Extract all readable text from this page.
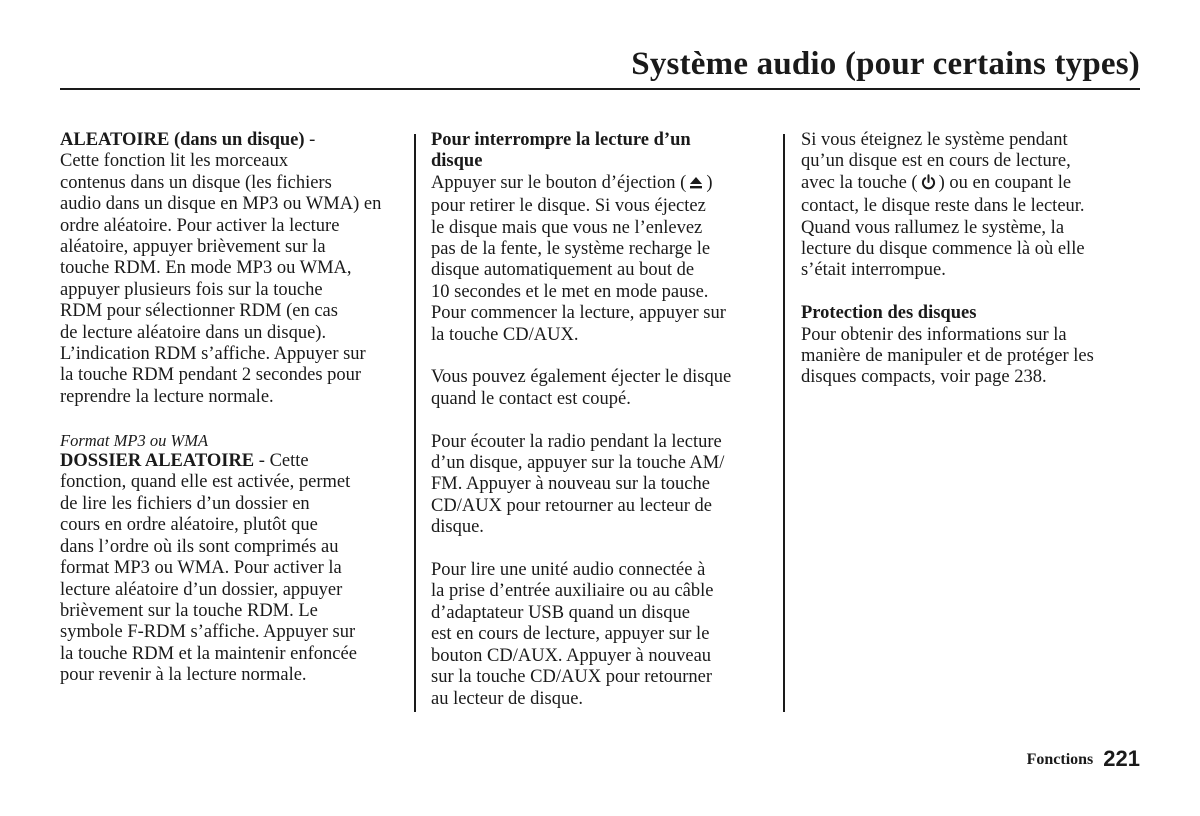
Système audio (pour certains types)
ALEATOIRE (dans un disque) -
Cette fonction lit les morceaux
contenus dans un disque (les fichiers
audio dans un disque en MP3 ou WMA) en
ordre aléatoire. Pour activer la lecture
aléatoire, appuyer brièvement sur la
touche RDM. En mode MP3 ou WMA,
appuyer plusieurs fois sur la touche
RDM pour sélectionner RDM (en cas
de lecture aléatoire dans un disque).
L’indication RDM s’affiche. Appuyer sur
la touche RDM pendant 2 secondes pour
reprendre la lecture normale.
Format MP3 ou WMA
DOSSIER ALEATOIRE - Cette
fonction, quand elle est activée, permet
de lire les fichiers d’un dossier en
cours en ordre aléatoire, plutôt que
dans l’ordre où ils sont comprimés au
format MP3 ou WMA. Pour activer la
lecture aléatoire d’un dossier, appuyer
brièvement sur la touche RDM. Le
symbole F-RDM s’affiche. Appuyer sur
la touche RDM et la maintenir enfoncée
pour revenir à la lecture normale.
Pour interrompre la lecture d’un
disque
Appuyer sur le bouton d’éjection ( )
pour retirer le disque. Si vous éjectez
le disque mais que vous ne l’enlevez
pas de la fente, le système recharge le
disque automatiquement au bout de
10 secondes et le met en mode pause.
Pour commencer la lecture, appuyer sur
la touche CD/AUX.
Vous pouvez également éjecter le disque
quand le contact est coupé.
Pour écouter la radio pendant la lecture
d’un disque, appuyer sur la touche AM/
FM. Appuyer à nouveau sur la touche
CD/AUX pour retourner au lecteur de
disque.
Pour lire une unité audio connectée à
la prise d’entrée auxiliaire ou au câble
d’adaptateur USB quand un disque
est en cours de lecture, appuyer sur le
bouton CD/AUX. Appuyer à nouveau
sur la touche CD/AUX pour retourner
au lecteur de disque.
Si vous éteignez le système pendant
qu’un disque est en cours de lecture,
avec la touche ( ) ou en coupant le
contact, le disque reste dans le lecteur.
Quand vous rallumez le système, la
lecture du disque commence là où elle
s’était interrompue.
Protection des disques
Pour obtenir des informations sur la
manière de manipuler et de protéger les
disques compacts, voir page 238.
Fonctions 221
